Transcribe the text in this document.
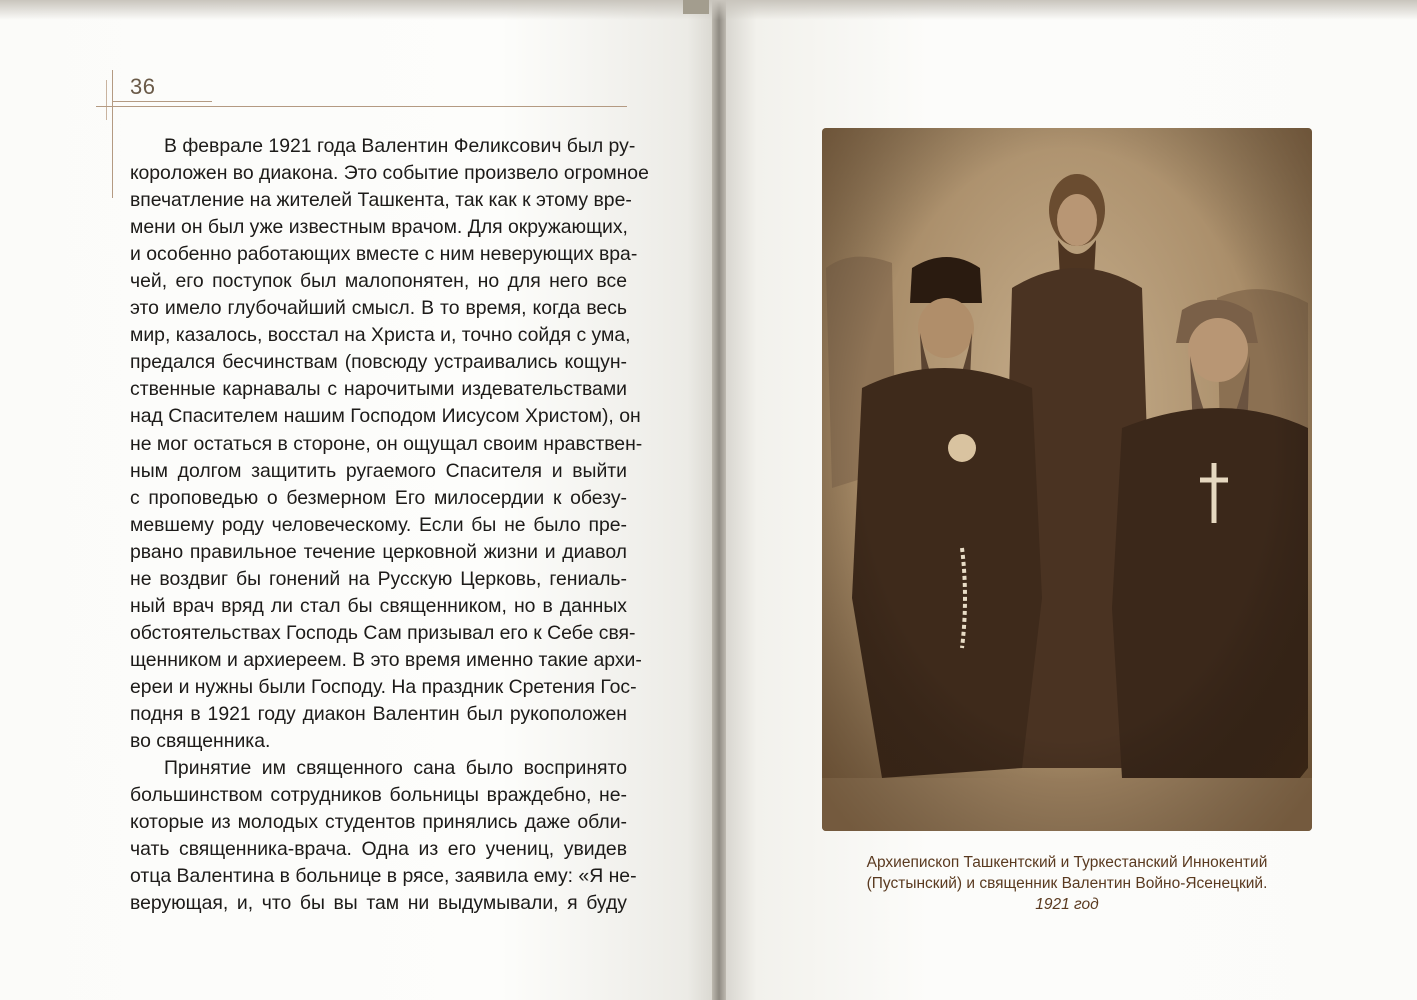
36

В феврале 1921 года Валентин Феликсович был ру-
кopoложен во диакона. Это событие произвело огромное
впечатление на жителей Ташкента, так как к этому вре-
мени он был уже известным врачом. Для окружающих,
и особенно работающих вместе с ним неверующих вра-
чей, его поступок был малопонятен, но для него все
это имело глубочайший смысл. В то время, когда весь
мир, казалось, восстал на Христа и, точно сойдя с ума,
предался бесчинствам (повсюду устраивались кощун-
ственные карнавалы с нарочитыми издевательствами
над Спасителем нашим Господом Иисусом Христом), он
не мог остаться в стороне, он ощущал своим нравствен-
ным долгом защитить ругаемого Спасителя и выйти
с проповедью о безмерном Его милосердии к обезу-
мевшему роду человеческому. Если бы не было пре-
рвано правильное течение церковной жизни и диавол
не воздвиг бы гонений на Русскую Церковь, гениаль-
ный врач вряд ли стал бы священником, но в данных
обстоятельствах Господь Сам призывал его к Себе свя-
щенником и архиереем. В это время именно такие архи-
ереи и нужны были Господу. На праздник Сретения Гос-
подня в 1921 году диакон Валентин был рукоположен
во священника.
Принятие им священного сана было воспринято
большинством сотрудников больницы враждебно, не-
которые из молодых студентов принялись даже обли-
чать священника-врача. Одна из его учениц, увидев
отца Валентина в больнице в рясе, заявила ему: «Я не-
верующая, и, что бы вы там ни выдумывали, я буду

Архиепископ Ташкентский и Туркестанский Иннокентий
(Пустынский) и священник Валентин Войно-Ясенецкий.
1921 год
